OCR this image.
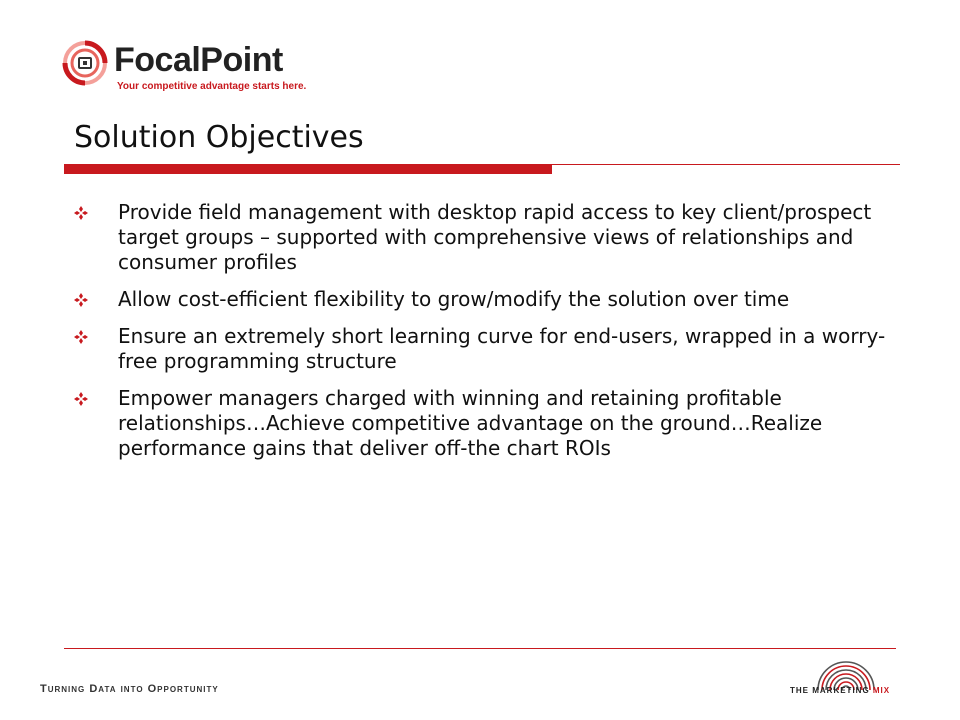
FocalPoint
Your competitive advantage starts here.
Solution Objectives
Provide field management with desktop rapid access to key client/prospect target groups – supported with comprehensive views of relationships and consumer profiles
Allow cost-efficient flexibility to grow/modify the solution over time
Ensure an extremely short learning curve for end-users, wrapped in a worry-free programming structure
Empower managers charged with winning and retaining profitable relationships…Achieve competitive advantage on the ground…Realize performance gains that deliver off-the chart ROIs
Turning Data into Opportunity	THE MARKETING MIX
